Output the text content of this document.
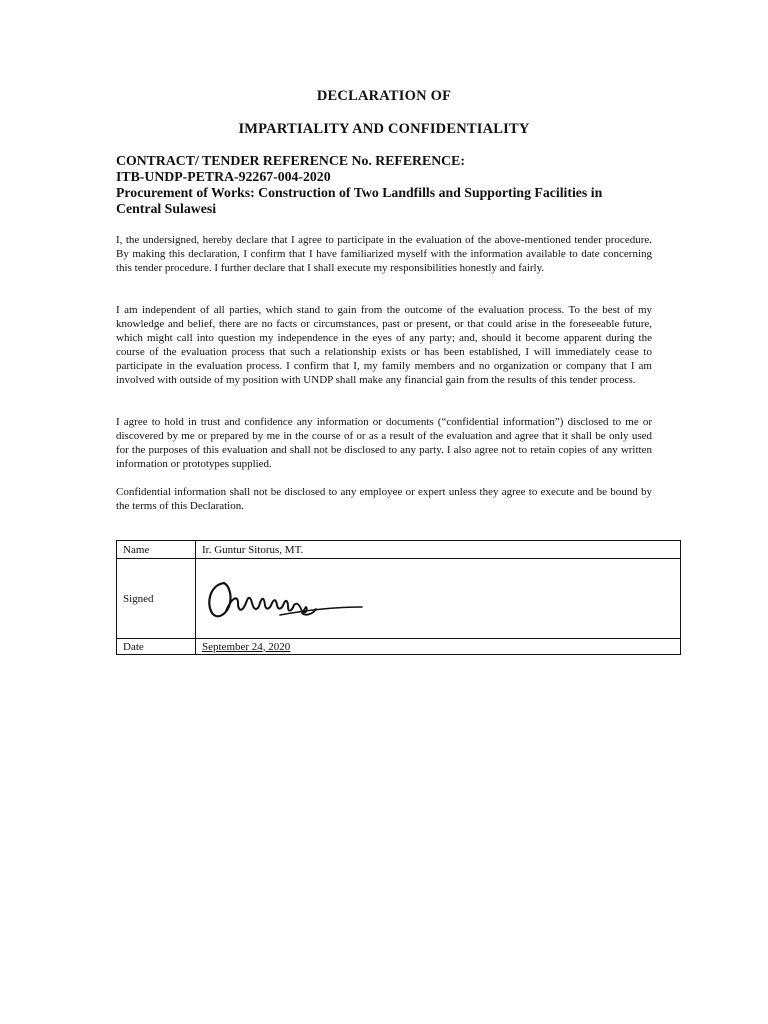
DECLARATION OF
IMPARTIALITY AND CONFIDENTIALITY
CONTRACT/ TENDER REFERENCE No. REFERENCE:
ITB-UNDP-PETRA-92267-004-2020
Procurement of Works: Construction of Two Landfills and Supporting Facilities in
Central Sulawesi
I, the undersigned, hereby declare that I agree to participate in the evaluation of the above-mentioned tender procedure. By making this declaration, I confirm that I have familiarized myself with the information available to date concerning this tender procedure. I further declare that I shall execute my responsibilities honestly and fairly.
I am independent of all parties, which stand to gain from the outcome of the evaluation process. To the best of my knowledge and belief, there are no facts or circumstances, past or present, or that could arise in the foreseeable future, which might call into question my independence in the eyes of any party; and, should it become apparent during the course of the evaluation process that such a relationship exists or has been established, I will immediately cease to participate in the evaluation process. I confirm that I, my family members and no organization or company that I am involved with outside of my position with UNDP shall make any financial gain from the results of this tender process.
I agree to hold in trust and confidence any information or documents (“confidential information”) disclosed to me or discovered by me or prepared by me in the course of or as a result of the evaluation and agree that it shall be only used for the purposes of this evaluation and shall not be disclosed to any party. I also agree not to retain copies of any written information or prototypes supplied.
Confidential information shall not be disclosed to any employee or expert unless they agree to execute and be bound by the terms of this Declaration.
Name	Ir. Guntur Sitorus, MT.
Signed	

Date	September 24, 2020
